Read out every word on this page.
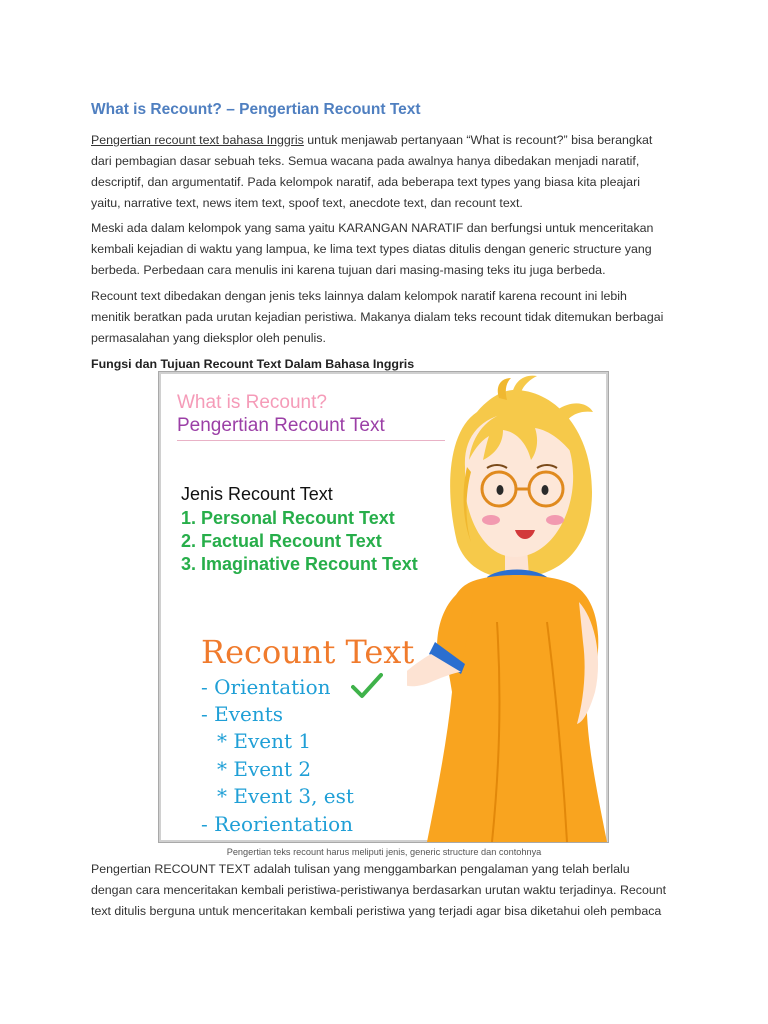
What is Recount? – Pengertian Recount Text
Pengertian recount text bahasa Inggris untuk menjawab pertanyaan “What is recount?” bisa berangkat
dari pembagian dasar sebuah teks. Semua wacana pada awalnya hanya dibedakan menjadi naratif,
descriptif, dan argumentatif. Pada kelompok naratif, ada beberapa text types yang biasa kita pleajari
yaitu, narrative text, news item text, spoof text, anecdote text, dan recount text.
Meski ada dalam kelompok yang sama yaitu KARANGAN NARATIF dan berfungsi untuk menceritakan
kembali kejadian di waktu yang lampua, ke lima text types diatas ditulis dengan generic structure yang
berbeda. Perbedaan cara menulis ini karena tujuan dari masing-masing teks itu juga berbeda.
Recount text dibedakan dengan jenis teks lainnya dalam kelompok naratif karena recount ini lebih
menitik beratkan pada urutan kejadian peristiwa. Makanya dialam teks recount tidak ditemukan berbagai
permasalahan yang dieksplor oleh penulis.
Fungsi dan Tujuan Recount Text Dalam Bahasa Inggris
What is Recount?
Pengertian Recount Text
Jenis Recount Text
1. Personal Recount Text
2. Factual Recount Text
3. Imaginative Recount Text
Recount Text
- Orientation
- Events
* Event 1
* Event 2
* Event 3, est
- Reorientation
Pengertian teks recount harus meliputi jenis, generic structure dan contohnya
Pengertian RECOUNT TEXT adalah tulisan yang menggambarkan pengalaman yang telah berlalu
dengan cara menceritakan kembali peristiwa-peristiwanya berdasarkan urutan waktu terjadinya. Recount
text ditulis berguna untuk menceritakan kembali peristiwa yang terjadi agar bisa diketahui oleh pembaca
